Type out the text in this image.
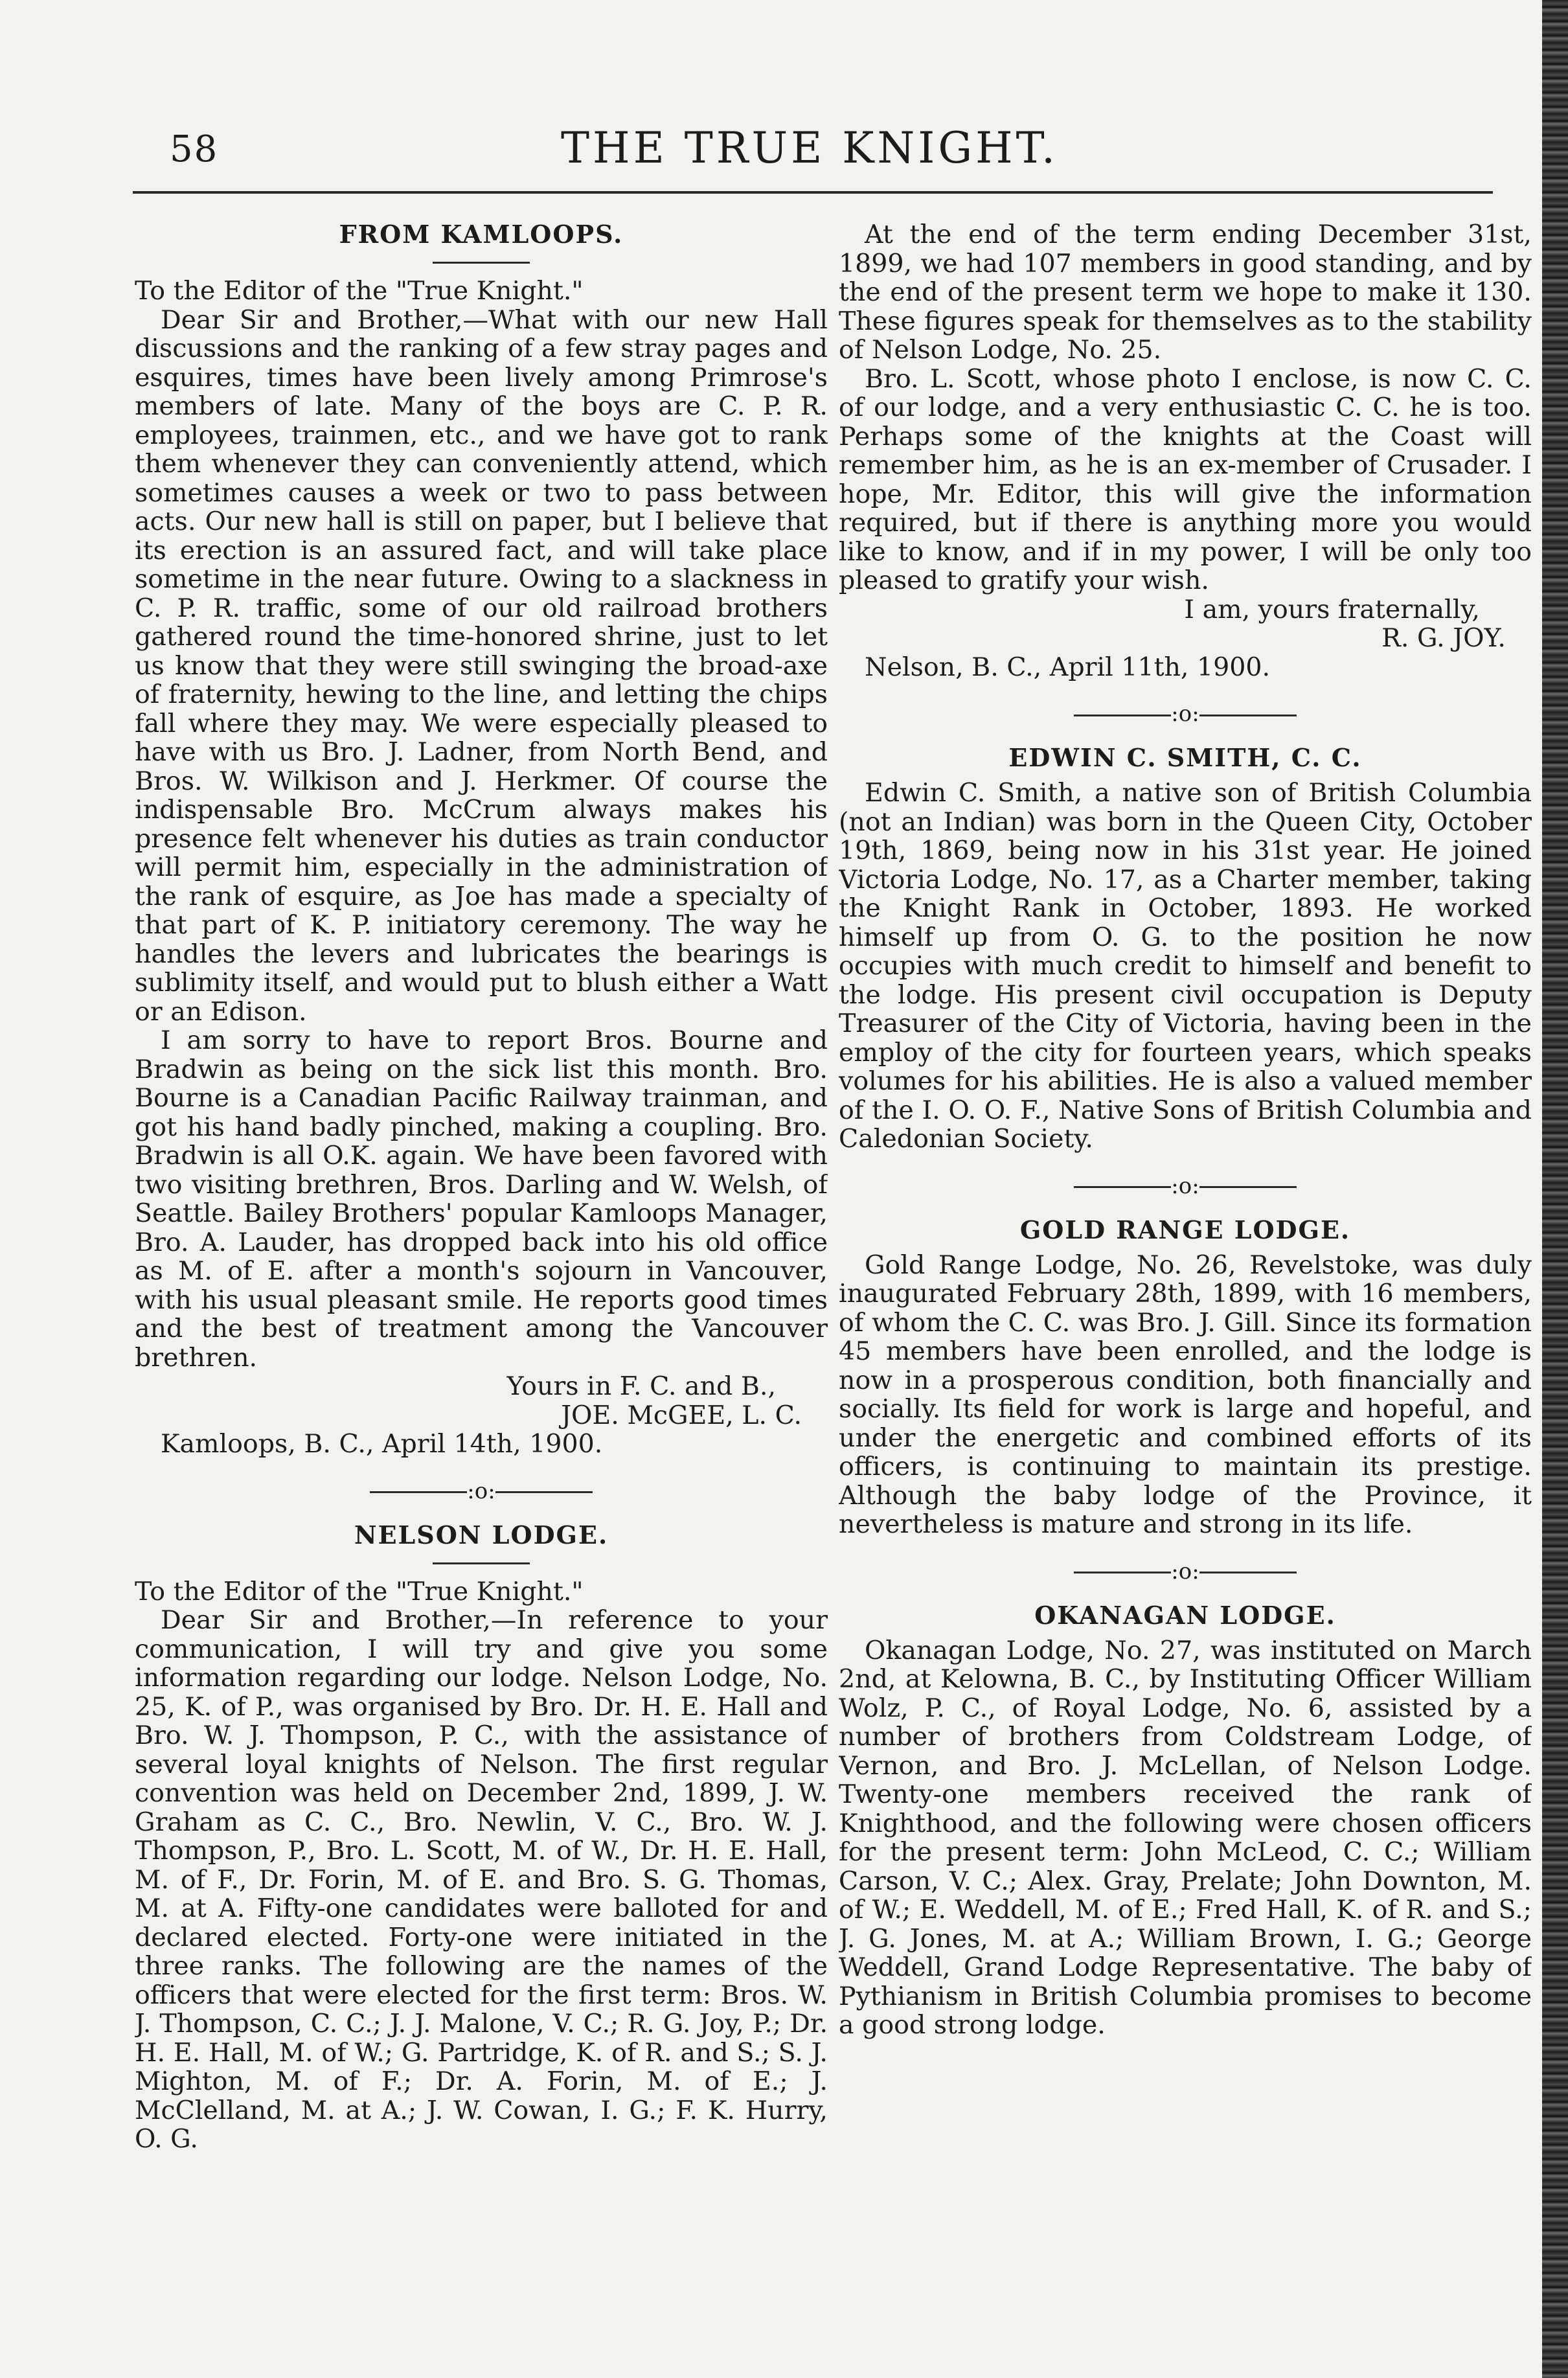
58	THE TRUE KNIGHT.
FROM KAMLOOPS.

To the Editor of the "True Knight."

Dear Sir and Brother,—What with our new Hall discussions and the ranking of a few stray pages and esquires, times have been lively among Primrose's members of late. Many of the boys are C. P. R. employees, trainmen, etc., and we have got to rank them whenever they can conveniently attend, which sometimes causes a week or two to pass between acts. Our new hall is still on paper, but I believe that its erection is an assured fact, and will take place sometime in the near future. Owing to a slackness in C. P. R. traffic, some of our old railroad brothers gathered round the time-honored shrine, just to let us know that they were still swinging the broad-axe of fraternity, hewing to the line, and letting the chips fall where they may. We were especially pleased to have with us Bro. J. Ladner, from North Bend, and Bros. W. Wilkison and J. Herkmer. Of course the indispensable Bro. McCrum always makes his presence felt whenever his duties as train conductor will permit him, especially in the administration of the rank of esquire, as Joe has made a specialty of that part of K. P. initiatory ceremony. The way he handles the levers and lubricates the bearings is sublimity itself, and would put to blush either a Watt or an Edison.

I am sorry to have to report Bros. Bourne and Bradwin as being on the sick list this month. Bro. Bourne is a Canadian Pacific Railway trainman, and got his hand badly pinched, making a coupling. Bro. Bradwin is all O.K. again. We have been favored with two visiting brethren, Bros. Darling and W. Welsh, of Seattle. Bailey Brothers' popular Kamloops Manager, Bro. A. Lauder, has dropped back into his old office as M. of E. after a month's sojourn in Vancouver, with his usual pleasant smile. He reports good times and the best of treatment among the Vancouver brethren.

Yours in F. C. and B.,

JOE. McGEE, L. C.

Kamloops, B. C., April 14th, 1900.

:o:
NELSON LODGE.

To the Editor of the "True Knight."

Dear Sir and Brother,—In reference to your communication, I will try and give you some information regarding our lodge. Nelson Lodge, No. 25, K. of P., was organised by Bro. Dr. H. E. Hall and Bro. W. J. Thompson, P. C., with the assistance of several loyal knights of Nelson. The first regular convention was held on December 2nd, 1899, J. W. Graham as C. C., Bro. Newlin, V. C., Bro. W. J. Thompson, P., Bro. L. Scott, M. of W., Dr. H. E. Hall, M. of F., Dr. Forin, M. of E. and Bro. S. G. Thomas, M. at A. Fifty-one candidates were balloted for and declared elected. Forty-one were initiated in the three ranks. The following are the names of the officers that were elected for the first term: Bros. W. J. Thompson, C. C.; J. J. Malone, V. C.; R. G. Joy, P.; Dr. H. E. Hall, M. of W.; G. Partridge, K. of R. and S.; S. J. Mighton, M. of F.; Dr. A. Forin, M. of E.; J. McClelland, M. at A.; J. W. Cowan, I. G.; F. K. Hurry, O. G.

At the end of the term ending December 31st, 1899, we had 107 members in good standing, and by the end of the present term we hope to make it 130. These figures speak for themselves as to the stability of Nelson Lodge, No. 25.

Bro. L. Scott, whose photo I enclose, is now C. C. of our lodge, and a very enthusiastic C. C. he is too. Perhaps some of the knights at the Coast will remember him, as he is an ex-member of Crusader. I hope, Mr. Editor, this will give the information required, but if there is anything more you would like to know, and if in my power, I will be only too pleased to gratify your wish.

I am, yours fraternally,

R. G. JOY.

Nelson, B. C., April 11th, 1900.

:o:
EDWIN C. SMITH, C. C.

Edwin C. Smith, a native son of British Columbia (not an Indian) was born in the Queen City, October 19th, 1869, being now in his 31st year. He joined Victoria Lodge, No. 17, as a Charter member, taking the Knight Rank in October, 1893. He worked himself up from O. G. to the position he now occupies with much credit to himself and benefit to the lodge. His present civil occupation is Deputy Treasurer of the City of Victoria, having been in the employ of the city for fourteen years, which speaks volumes for his abilities. He is also a valued member of the I. O. O. F., Native Sons of British Columbia and Caledonian Society.

:o:
GOLD RANGE LODGE.

Gold Range Lodge, No. 26, Revelstoke, was duly inaugurated February 28th, 1899, with 16 members, of whom the C. C. was Bro. J. Gill. Since its formation 45 members have been enrolled, and the lodge is now in a prosperous condition, both financially and socially. Its field for work is large and hopeful, and under the energetic and combined efforts of its officers, is continuing to maintain its prestige. Although the baby lodge of the Province, it nevertheless is mature and strong in its life.

:o:
OKANAGAN LODGE.

Okanagan Lodge, No. 27, was instituted on March 2nd, at Kelowna, B. C., by Instituting Officer William Wolz, P. C., of Royal Lodge, No. 6, assisted by a number of brothers from Coldstream Lodge, of Vernon, and Bro. J. McLellan, of Nelson Lodge. Twenty-one members received the rank of Knighthood, and the following were chosen officers for the present term: John McLeod, C. C.; William Carson, V. C.; Alex. Gray, Prelate; John Downton, M. of W.; E. Weddell, M. of E.; Fred Hall, K. of R. and S.; J. G. Jones, M. at A.; William Brown, I. G.; George Weddell, Grand Lodge Representative. The baby of Pythianism in British Columbia promises to become a good strong lodge.
